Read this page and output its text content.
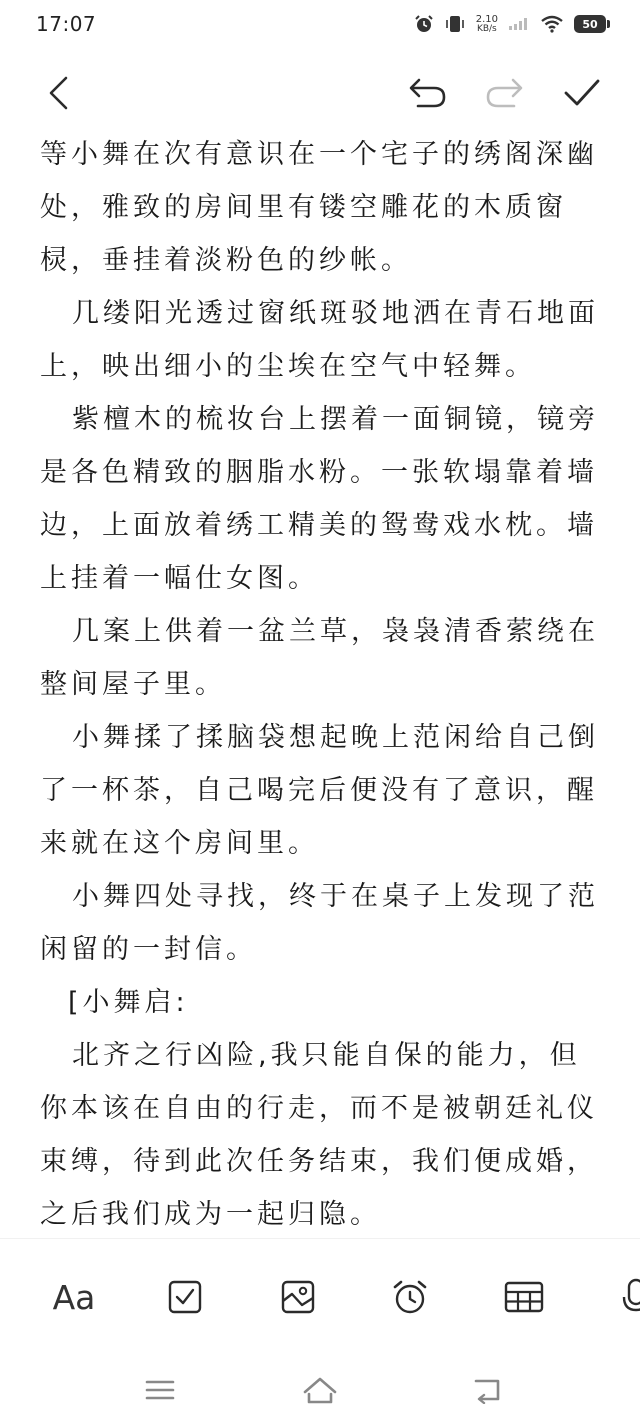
17:07	2.10
KB/s	50

等小舞在次有意识在一个宅子的绣阁深幽处，雅致的房间里有镂空雕花的木质窗棂，垂挂着淡粉色的纱帐。

几缕阳光透过窗纸斑驳地洒在青石地面上，映出细小的尘埃在空气中轻舞。

紫檀木的梳妆台上摆着一面铜镜，镜旁是各色精致的胭脂水粉。一张软塌靠着墙边，上面放着绣工精美的鸳鸯戏水枕。墙上挂着一幅仕女图。

几案上供着一盆兰草，袅袅清香萦绕在整间屋子里。

小舞揉了揉脑袋想起晚上范闲给自己倒了一杯茶，自己喝完后便没有了意识，醒来就在这个房间里。

小舞四处寻找，终于在桌子上发现了范闲留的一封信。

[小舞启:

北齐之行凶险,我只能自保的能力，但你本该在自由的行走，而不是被朝廷礼仪束缚，待到此次任务结束，我们便成婚，之后我们成为一起归隐。

Aa
